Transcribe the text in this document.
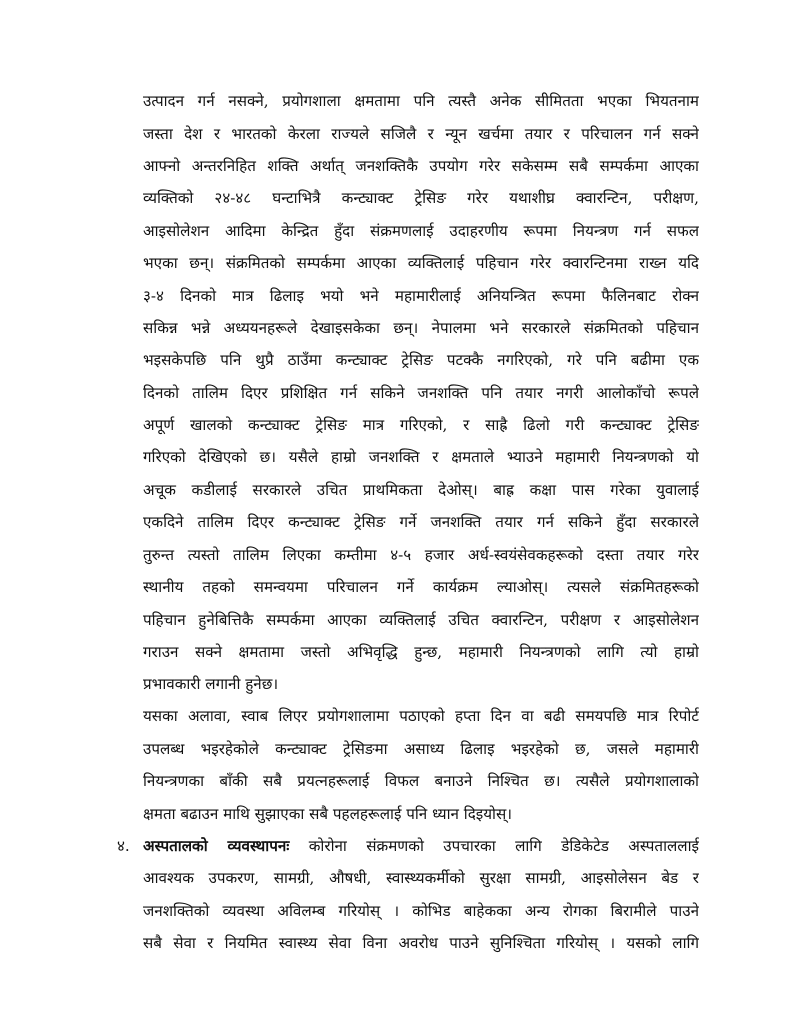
उत्पादन गर्न नसक्ने, प्रयोगशाला क्षमतामा पनि त्यस्तै अनेक सीमितता भएका भियतनाम
जस्ता देश र भारतको केरला राज्यले सजिलै र न्यून खर्चमा तयार र परिचालन गर्न सक्ने
आफ्नो अन्तरनिहित शक्ति अर्थात् जनशक्तिकै उपयोग गरेर सकेसम्म सबै सम्पर्कमा आएका
व्यक्तिको २४-४८ घन्टाभित्रै कन्ट्याक्ट ट्रेसिङ गरेर यथाशीघ्र क्वारन्टिन, परीक्षण,
आइसोलेशन आदिमा केन्द्रित हुँदा संक्रमणलाई उदाहरणीय रूपमा नियन्त्रण गर्न सफल
भएका छन्। संक्रमितको सम्पर्कमा आएका व्यक्तिलाई पहिचान गरेर क्वारन्टिनमा राख्न यदि
३-४ दिनको मात्र ढिलाइ भयो भने महामारीलाई अनियन्त्रित रूपमा फैलिनबाट रोक्न
सकिन्न भन्ने अध्ययनहरूले देखाइसकेका छन्। नेपालमा भने सरकारले संक्रमितको पहिचान
भइसकेपछि पनि थुप्रै ठाउँमा कन्ट्याक्ट ट्रेसिङ पटक्कै नगरिएको, गरे पनि बढीमा एक
दिनको तालिम दिएर प्रशिक्षित गर्न सकिने जनशक्ति पनि तयार नगरी आलोकाँचो रूपले
अपूर्ण खालको कन्ट्याक्ट ट्रेसिङ मात्र गरिएको, र साह्रै ढिलो गरी कन्ट्याक्ट ट्रेसिङ
गरिएको देखिएको छ। यसैले हाम्रो जनशक्ति र क्षमताले भ्याउने महामारी नियन्त्रणको यो
अचूक कडीलाई सरकारले उचित प्राथमिकता देओस्। बाह्र कक्षा पास गरेका युवालाई
एकदिने तालिम दिएर कन्ट्याक्ट ट्रेसिङ गर्ने जनशक्ति तयार गर्न सकिने हुँदा सरकारले
तुरुन्त त्यस्तो तालिम लिएका कम्तीमा ४-५ हजार अर्ध-स्वयंसेवकहरूको दस्ता तयार गरेर
स्थानीय तहको समन्वयमा परिचालन गर्ने कार्यक्रम ल्याओस्। त्यसले संक्रमितहरूको
पहिचान हुनेबित्तिकै सम्पर्कमा आएका व्यक्तिलाई उचित क्वारन्टिन, परीक्षण र आइसोलेशन
गराउन सक्ने क्षमतामा जस्तो अभिवृद्धि हुन्छ, महामारी नियन्त्रणको लागि त्यो हाम्रो
प्रभावकारी लगानी हुनेछ।
यसका अलावा, स्वाब लिएर प्रयोगशालामा पठाएको हप्ता दिन वा बढी समयपछि मात्र रिपोर्ट
उपलब्ध भइरहेकोले कन्ट्याक्ट ट्रेसिङमा असाध्य ढिलाइ भइरहेको छ, जसले महामारी
नियन्त्रणका बाँकी सबै प्रयत्नहरूलाई विफल बनाउने निश्चित छ। त्यसैले प्रयोगशालाको
क्षमता बढाउन माथि सुझाएका सबै पहलहरूलाई पनि ध्यान दिइयोस्।
४. अस्पतालको व्यवस्थापनः कोरोना संक्रमणको उपचारका लागि डेडिकेटेड अस्पताललाई
आवश्यक उपकरण, सामग्री, औषधी, स्वास्थ्यकर्मीको सुरक्षा सामग्री, आइसोलेसन बेड र
जनशक्तिको व्यवस्था अविलम्ब गरियोस् । कोभिड बाहेकका अन्य रोगका बिरामीले पाउने
सबै सेवा र नियमित स्वास्थ्य सेवा विना अवरोध पाउने सुनिश्चिता गरियोस् । यसको लागि
